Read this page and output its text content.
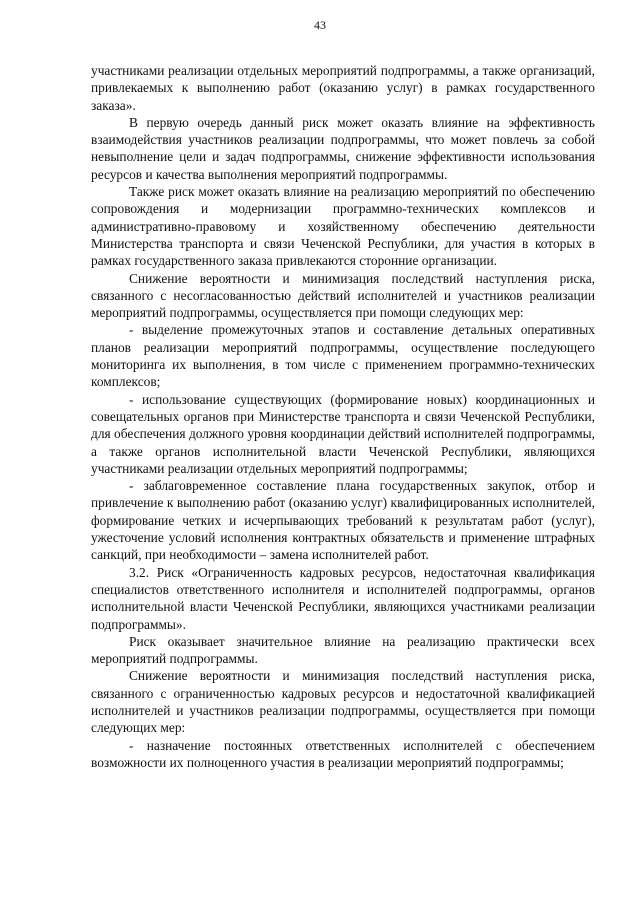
43

участниками реализации отдельных мероприятий подпрограммы, а также организаций, привлекаемых к выполнению работ (оказанию услуг) в рамках государственного заказа».

В первую очередь данный риск может оказать влияние на эффективность взаимодействия участников реализации подпрограммы, что может повлечь за собой невыполнение цели и задач подпрограммы, снижение эффективности использования ресурсов и качества выполнения мероприятий подпрограммы.

Также риск может оказать влияние на реализацию мероприятий по обеспечению сопровождения и модернизации программно-технических комплексов и административно-правовому и хозяйственному обеспечению деятельности Министерства транспорта и связи Чеченской Республики, для участия в которых в рамках государственного заказа привлекаются сторонние организации.

Снижение вероятности и минимизация последствий наступления риска, связанного с несогласованностью действий исполнителей и участников реализации мероприятий подпрограммы, осуществляется при помощи следующих мер:

- выделение промежуточных этапов и составление детальных оперативных планов реализации мероприятий подпрограммы, осуществление последующего мониторинга их выполнения, в том числе с применением программно-технических комплексов;

- использование существующих (формирование новых) координационных и совещательных органов при Министерстве транспорта и связи Чеченской Республики, для обеспечения должного уровня координации действий исполнителей подпрограммы, а также органов исполнительной власти Чеченской Республики, являющихся участниками реализации отдельных мероприятий подпрограммы;

- заблаговременное составление плана государственных закупок, отбор и привлечение к выполнению работ (оказанию услуг) квалифицированных исполнителей, формирование четких и исчерпывающих требований к результатам работ (услуг), ужесточение условий исполнения контрактных обязательств и применение штрафных санкций, при необходимости – замена исполнителей работ.

3.2. Риск «Ограниченность кадровых ресурсов, недостаточная квалификация специалистов ответственного исполнителя и исполнителей подпрограммы, органов исполнительной власти Чеченской Республики, являющихся участниками реализации подпрограммы».

Риск оказывает значительное влияние на реализацию практически всех мероприятий подпрограммы.

Снижение вероятности и минимизация последствий наступления риска, связанного с ограниченностью кадровых ресурсов и недостаточной квалификацией исполнителей и участников реализации подпрограммы, осуществляется при помощи следующих мер:

- назначение постоянных ответственных исполнителей с обеспечением возможности их полноценного участия в реализации мероприятий подпрограммы;
